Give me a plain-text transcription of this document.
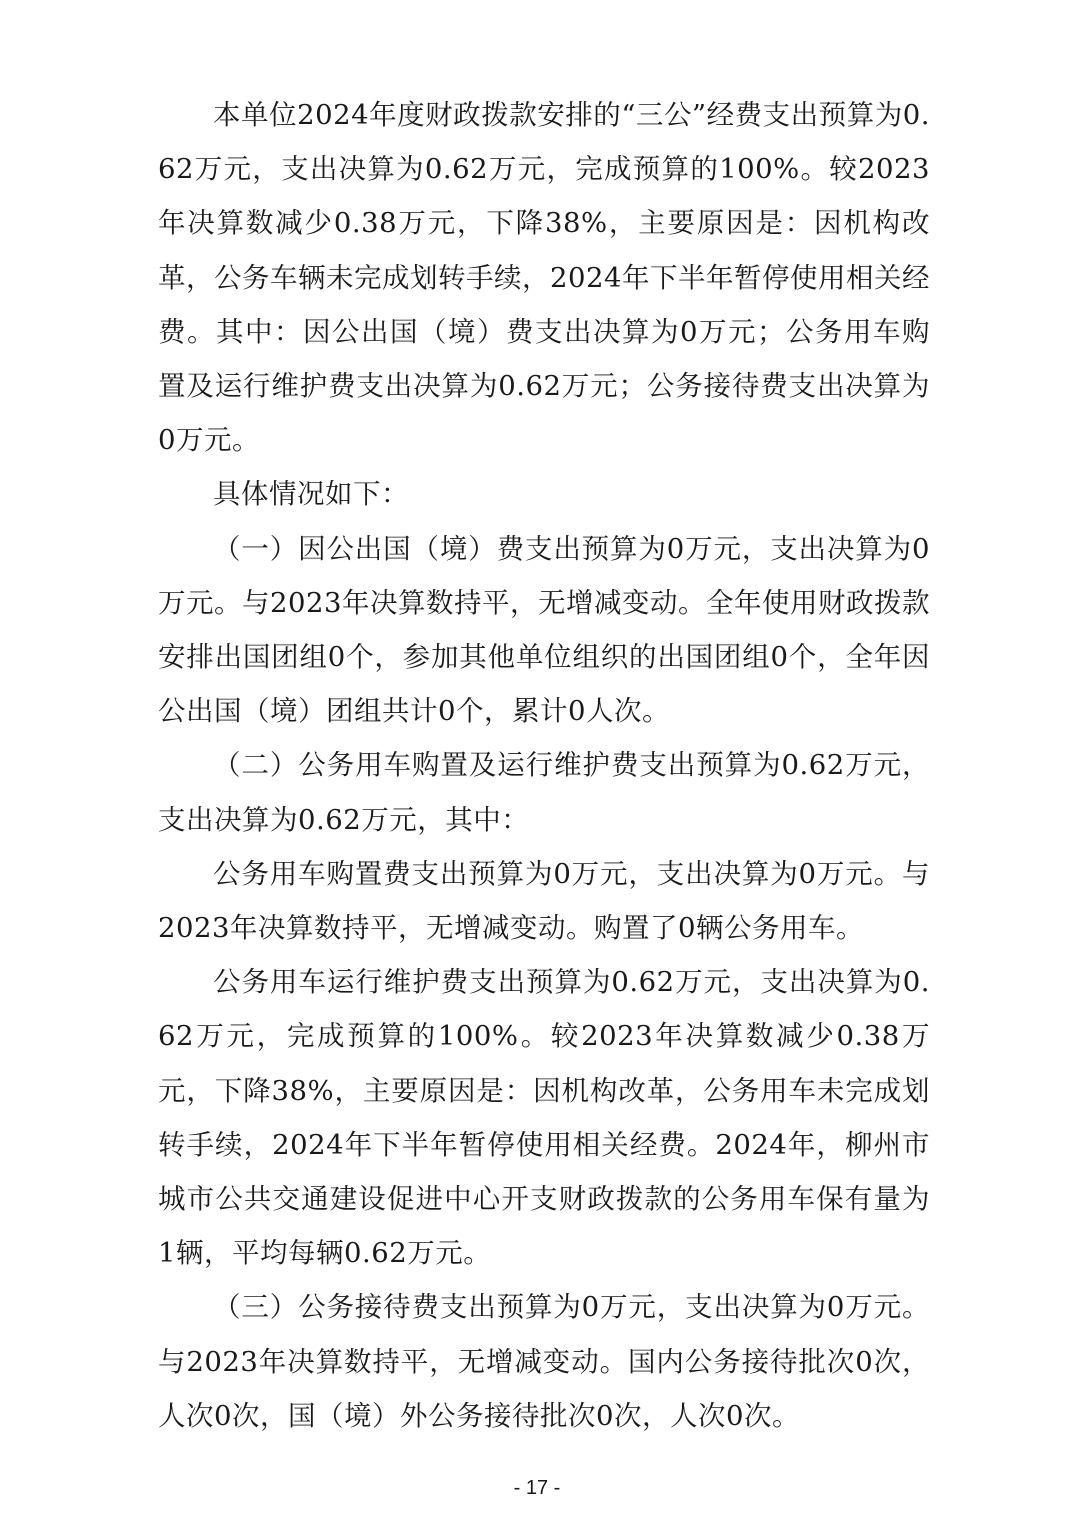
本单位2024年度财政拨款安排的“三公”经费支出预算为0.62万元，支出决算为0.62万元，完成预算的100%。较2023年决算数减少0.38万元，下降38%，主要原因是：因机构改革，公务车辆未完成划转手续，2024年下半年暂停使用相关经费。其中：因公出国（境）费支出决算为0万元；公务用车购置及运行维护费支出决算为0.62万元；公务接待费支出决算为0万元。

具体情况如下：

（一）因公出国（境）费支出预算为0万元，支出决算为0万元。与2023年决算数持平，无增减变动。全年使用财政拨款安排出国团组0个，参加其他单位组织的出国团组0个，全年因公出国（境）团组共计0个，累计0人次。

（二）公务用车购置及运行维护费支出预算为0.62万元，支出决算为0.62万元，其中：

公务用车购置费支出预算为0万元，支出决算为0万元。与2023年决算数持平，无增减变动。购置了0辆公务用车。

公务用车运行维护费支出预算为0.62万元，支出决算为0.62万元，完成预算的100%。较2023年决算数减少0.38万元，下降38%，主要原因是：因机构改革，公务用车未完成划转手续，2024年下半年暂停使用相关经费。2024年，柳州市城市公共交通建设促进中心开支财政拨款的公务用车保有量为1辆，平均每辆0.62万元。

（三）公务接待费支出预算为0万元，支出决算为0万元。与2023年决算数持平，无增减变动。国内公务接待批次0次，人次0次，国（境）外公务接待批次0次，人次0次。

- 17 -
